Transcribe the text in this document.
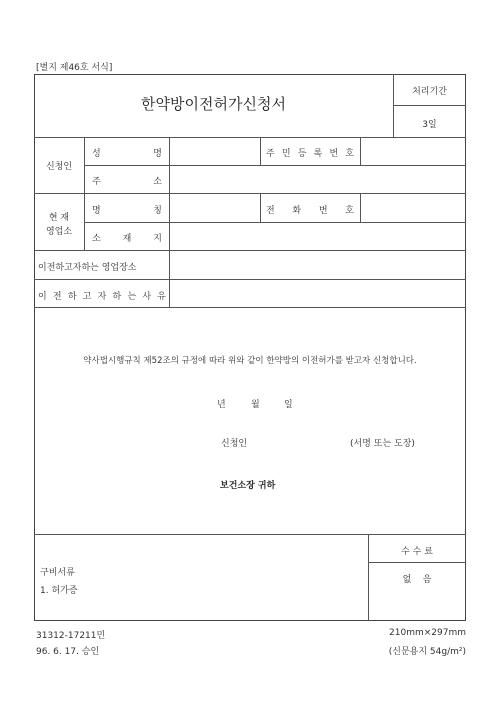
[별지 제46호 서식]
한약방이전허가신청서
처리기간
3일
신청인
성	명	주 민 등 록 번 호
주	소
현 재
영업소
명	칭	전 화 번 호
소 재 지
이전하고자하는 영업장소
이 전 하 고 자 하 는 사 유
약사법시행규칙 제52조의 규정에 따라 위와 같이 한약방의 이전허가를 받고자 신청합니다.
년	월	일
신청인	(서명 또는 도장)
보건소장 귀하
구비서류
1. 허가증
수 수 료
없    음
31312-17211민
96. 6. 17. 승인
210mm×297mm
(신문용지 54g/m²)
